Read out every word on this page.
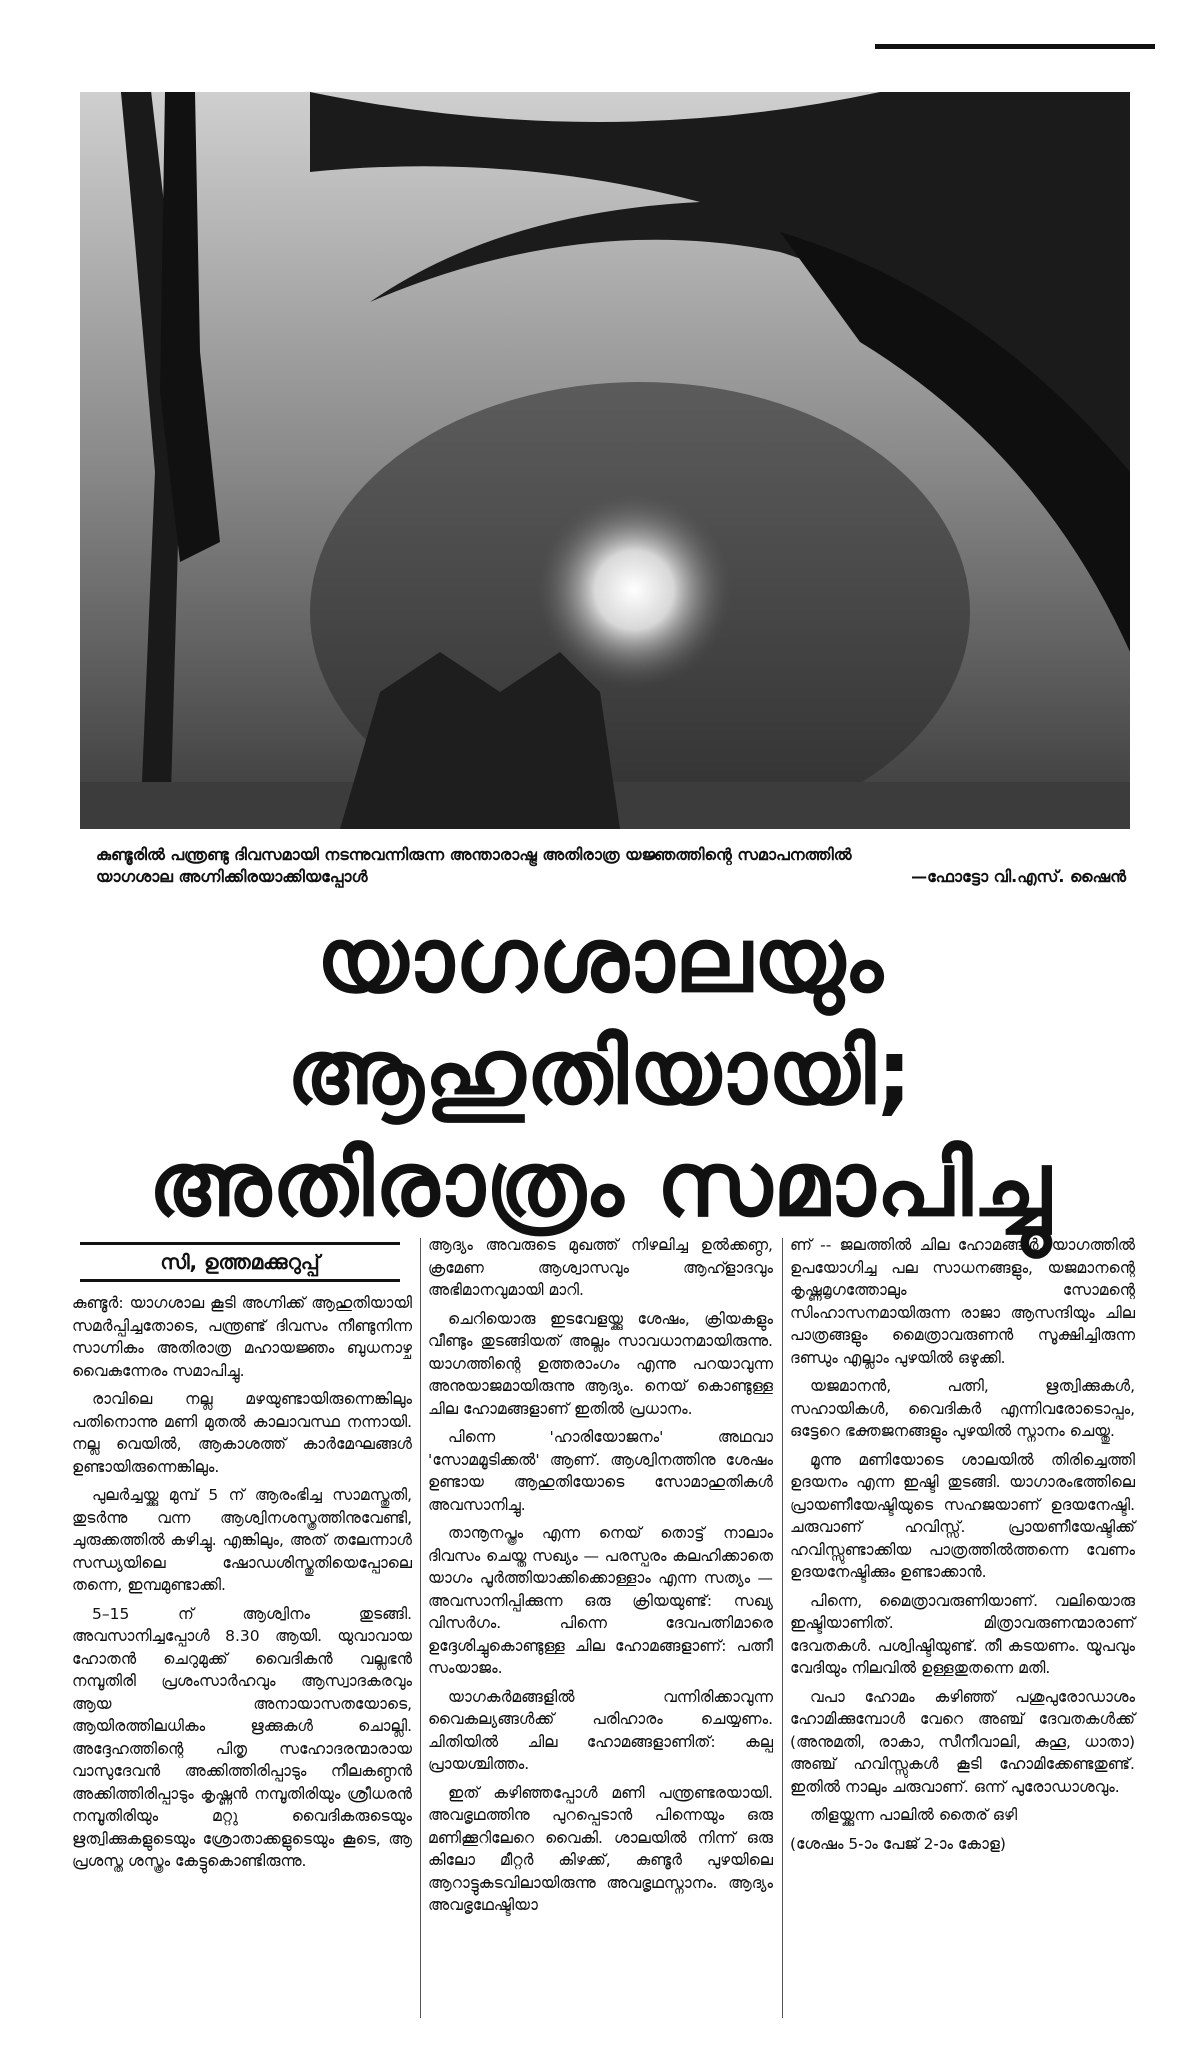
കുണ്ടൂരിൽ പന്ത്രണ്ടു ദിവസമായി നടന്നുവന്നിരുന്ന അന്താരാഷ്ട്ര അതിരാത്ര യജ്ഞത്തിന്റെ സമാപനത്തിൽ
യാഗശാല അഗ്നിക്കിരയാക്കിയപ്പോൾ	—ഫോട്ടോ വി.എസ്. ഷൈൻ
യാഗശാലയും
ആഹുതിയായി;
അതിരാത്രം സമാപിച്ചു
സി, ഉത്തമക്കുറുപ്പ്

കുണ്ടൂർ: യാഗശാല കൂടി അഗ്നിക്ക് ആഹുതിയായി സമർപ്പിച്ചതോടെ, പന്ത്രണ്ട് ദിവസം നീണ്ടുനിന്ന സാഗ്നികം അതിരാത്ര മഹായജ്ഞം ബുധനാഴ്ച വൈകുന്നേരം സമാപിച്ചു.

രാവിലെ നല്ല മഴയുണ്ടായിരുന്നെങ്കിലും പതിനൊന്നു മണി മുതൽ കാലാവസ്ഥ നന്നായി. നല്ല വെയിൽ, ആകാശത്ത് കാർമേഘങ്ങൾ ഉണ്ടായിരുന്നെങ്കിലും.

പുലർച്ചയ്ക്കു മുമ്പ് 5 ന് ആരംഭിച്ച സാമസ്തുതി, തുടർന്നു വന്ന ആശ്വിനശസ്ത്രത്തിനുവേണ്ടി, ചുരുക്കത്തിൽ കഴിച്ചു. എങ്കിലും, അത് തലേന്നാൾ സന്ധ്യയിലെ ഷോഡശിസ്തുതിയെപ്പോലെ തന്നെ, ഇമ്പമുണ്ടാക്കി.

5–15 ന് ആശ്വിനം തുടങ്ങി. അവസാനിച്ചപ്പോൾ 8.30 ആയി. യുവാവായ ഹോതൻ ചെറുമുക്ക് വൈദികൻ വല്ലഭൻ നമ്പൂതിരി പ്രശംസാർഹവും ആസ്വാദകരവും ആയ അനായാസതയോടെ, ആയിരത്തിലധികം ഋക്കുകൾ ചൊല്ലി. അദ്ദേഹത്തിന്റെ പിതൃ സഹോദരന്മാരായ വാസുദേവൻ അക്കിത്തിരിപ്പാടും നീലകണ്ഠൻ അക്കിത്തിരിപ്പാടും കൃഷ്ണൻ നമ്പൂതിരിയും ശ്രീധരൻ നമ്പൂതിരിയും മറ്റു വൈദികരുടെയും ഋത്വിക്കുകളുടെയും ശ്രോതാക്കളുടെയും കൂടെ, ആ പ്രശസ്ത ശസ്ത്രം കേട്ടുകൊണ്ടിരുന്നു.

ആദ്യം അവരുടെ മുഖത്ത് നിഴലിച്ച ഉൽക്കണ്ഠ, ക്രമേണ ആശ്വാസവും ആഹ്ളാദവും അഭിമാനവുമായി മാറി.

ചെറിയൊരു ഇടവേളയ്ക്കു ശേഷം, ക്രിയകളും വീണ്ടും തുടങ്ങിയത് അല്ലം സാവധാനമായിരുന്നു. യാഗത്തിന്റെ ഉത്തരാംഗം എന്നു പറയാവുന്ന അനുയാജമായിരുന്നു ആദ്യം. നെയ് കൊണ്ടുള്ള ചില ഹോമങ്ങളാണ് ഇതിൽ പ്രധാനം.

പിന്നെ 'ഹാരിയോജനം' അഥവാ 'സോമമൂടിക്കൽ' ആണ്. ആശ്വിനത്തിനു ശേഷം ഉണ്ടായ ആഹുതിയോടെ സോമാഹുതികൾ അവസാനിച്ചു.

താനൂനപ്ത്രം എന്ന നെയ് തൊട്ട് നാലാം ദിവസം ചെയ്ത സഖ്യം — പരസ്പരം കലഹിക്കാതെ യാഗം പൂർത്തിയാക്കിക്കൊള്ളാം എന്ന സത്യം — അവസാനിപ്പിക്കുന്ന ഒരു ക്രിയയുണ്ട്: സഖ്യ വിസർഗം. പിന്നെ ദേവപത്നിമാരെ ഉദ്ദേശിച്ചുകൊണ്ടുള്ള ചില ഹോമങ്ങളാണ്: പത്നീ സംയാജം.

യാഗകർമങ്ങളിൽ വന്നിരിക്കാവുന്ന വൈകല്യങ്ങൾക്ക് പരിഹാരം ചെയ്യണം. ചിതിയിൽ ചില ഹോമങ്ങളാണിത്: കല്പ പ്രായശ്ചിത്തം.

ഇത് കഴിഞ്ഞപ്പോൾ മണി പന്ത്രണ്ടരയായി. അവഭൃഥത്തിനു പുറപ്പെടാൻ പിന്നെയും ഒരു മണിക്കൂറിലേറെ വൈകി. ശാലയിൽ നിന്ന് ഒരു കിലോ മീറ്റർ കിഴക്ക്, കുണ്ടൂർ പുഴയിലെ ആറാട്ടുകടവിലായിരുന്നു അവഭൃഥസ്നാനം. ആദ്യം അവഭൃഥേഷ്ടിയാ

ണ് -- ജലത്തിൽ ചില ഹോമങ്ങൾ. യാഗത്തിൽ ഉപയോഗിച്ച പല സാധനങ്ങളും, യജമാനന്റെ കൃഷ്ണമൃഗത്തോലും സോമന്റെ സിംഹാസനമായിരുന്ന രാജാ ആസന്ദിയും ചില പാത്രങ്ങളും മൈത്രാവരുണൻ സൂക്ഷിച്ചിരുന്ന ദണ്ഡും എല്ലാം പുഴയിൽ ഒഴുക്കി.

യജമാനൻ, പത്നി, ഋത്വിക്കുകൾ, സഹായികൾ, വൈദികർ എന്നിവരോടൊപ്പം, ഒട്ടേറെ ഭക്തജനങ്ങളും പുഴയിൽ സ്നാനം ചെയ്തു.

മൂന്നു മണിയോടെ ശാലയിൽ തിരിച്ചെത്തി ഉദയനം എന്ന ഇഷ്ടി തുടങ്ങി. യാഗാരംഭത്തിലെ പ്രായണീയേഷ്ടിയുടെ സഹജയാണ് ഉദയനേഷ്ടി. ചരുവാണ് ഹവിസ്സ്. പ്രായണീയേഷ്ടിക്ക് ഹവിസ്സുണ്ടാക്കിയ പാത്രത്തിൽത്തന്നെ വേണം ഉദയനേഷ്ടിക്കും ഉണ്ടാക്കാൻ.

പിന്നെ, മൈത്രാവരുണിയാണ്. വലിയൊരു ഇഷ്ടിയാണിത്. മിത്രാവരുണന്മാരാണ് ദേവതകൾ. പശ്വിഷ്ടിയുണ്ട്. തീ കടയണം. യൂപവും വേദിയും നിലവിൽ ഉള്ളതുതന്നെ മതി.

വപാ ഹോമം കഴിഞ്ഞ് പശുപുരോഡാശം ഹോമിക്കുമ്പോൾ വേറെ അഞ്ച് ദേവതകൾക്ക് (അനുമതി, രാകാ, സീനീവാലി, കുഹൂ, ധാതാ) അഞ്ച് ഹവിസ്സുകൾ കൂടി ഹോമിക്കേണ്ടതുണ്ട്. ഇതിൽ നാലും ചരുവാണ്. ഒന്ന് പുരോഡാശവും.

തിളയ്ക്കുന്ന പാലിൽ തൈര് ഒഴി

(ശേഷം 5-ാം പേജ് 2-ാം കോള)
